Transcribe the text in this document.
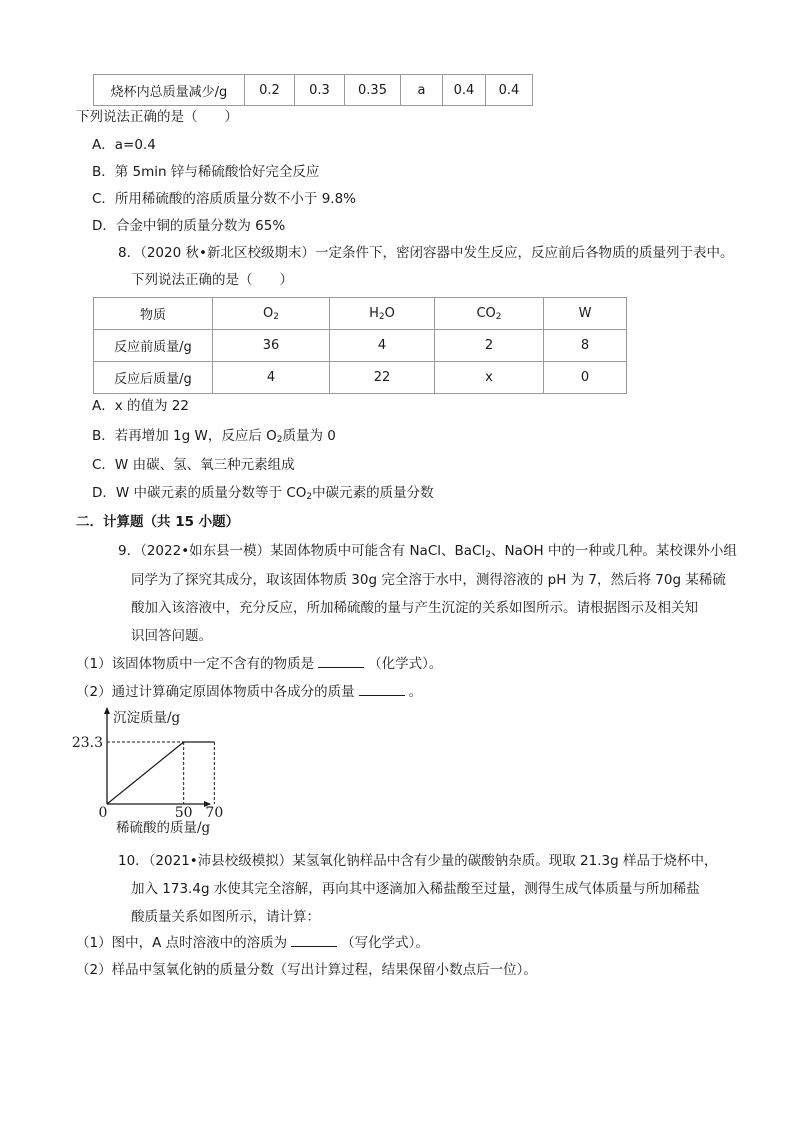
烧杯内总质量减少/g	0.2	0.3	0.35	a	0.4	0.4
下列说法正确的是（　　）
A．a=0.4
B．第 5min 锌与稀硫酸恰好完全反应
C．所用稀硫酸的溶质质量分数不小于 9.8%
D．合金中铜的质量分数为 65%
8．（2020 秋•新北区校级期末）一定条件下，密闭容器中发生反应，反应前后各物质的质量列于表中。
下列说法正确的是（　　）
物质	$O_2$	$H_2O$	$CO_2$	W
反应前质量/g	36	4	2	8
反应后质量/g	4	22	x	0
A．x 的值为 22
B．若再增加 1g W，反应后 $O_2$质量为 0
C．W 由碳、氢、氧三种元素组成
D．W 中碳元素的质量分数等于 $CO_2$中碳元素的质量分数
二．计算题（共 15 小题）
9．（2022•如东县一模）某固体物质中可能含有 NaCl、BaCl$_2$、NaOH 中的一种或几种。某校课外小组
同学为了探究其成分，取该固体物质 30g 完全溶于水中，测得溶液的 pH 为 7，然后将 70g 某稀硫
酸加入该溶液中，充分反应，所加稀硫酸的量与产生沉淀的关系如图所示。请根据图示及相关知
识回答问题。
（1）该固体物质中一定不含有的物质是	（化学式）。
（2）通过计算确定原固体物质中各成分的质量	。
0	50 70
23.3
沉淀质量/g
稀硫酸的质量/g
10．（2021•沛县校级模拟）某氢氧化钠样品中含有少量的碳酸钠杂质。现取 21.3g 样品于烧杯中，
加入 173.4g 水使其完全溶解，再向其中逐滴加入稀盐酸至过量，测得生成气体质量与所加稀盐
酸质量关系如图所示，请计算：
（1）图中，A 点时溶液中的溶质为	（写化学式）。
（2）样品中氢氧化钠的质量分数（写出计算过程，结果保留小数点后一位）。
